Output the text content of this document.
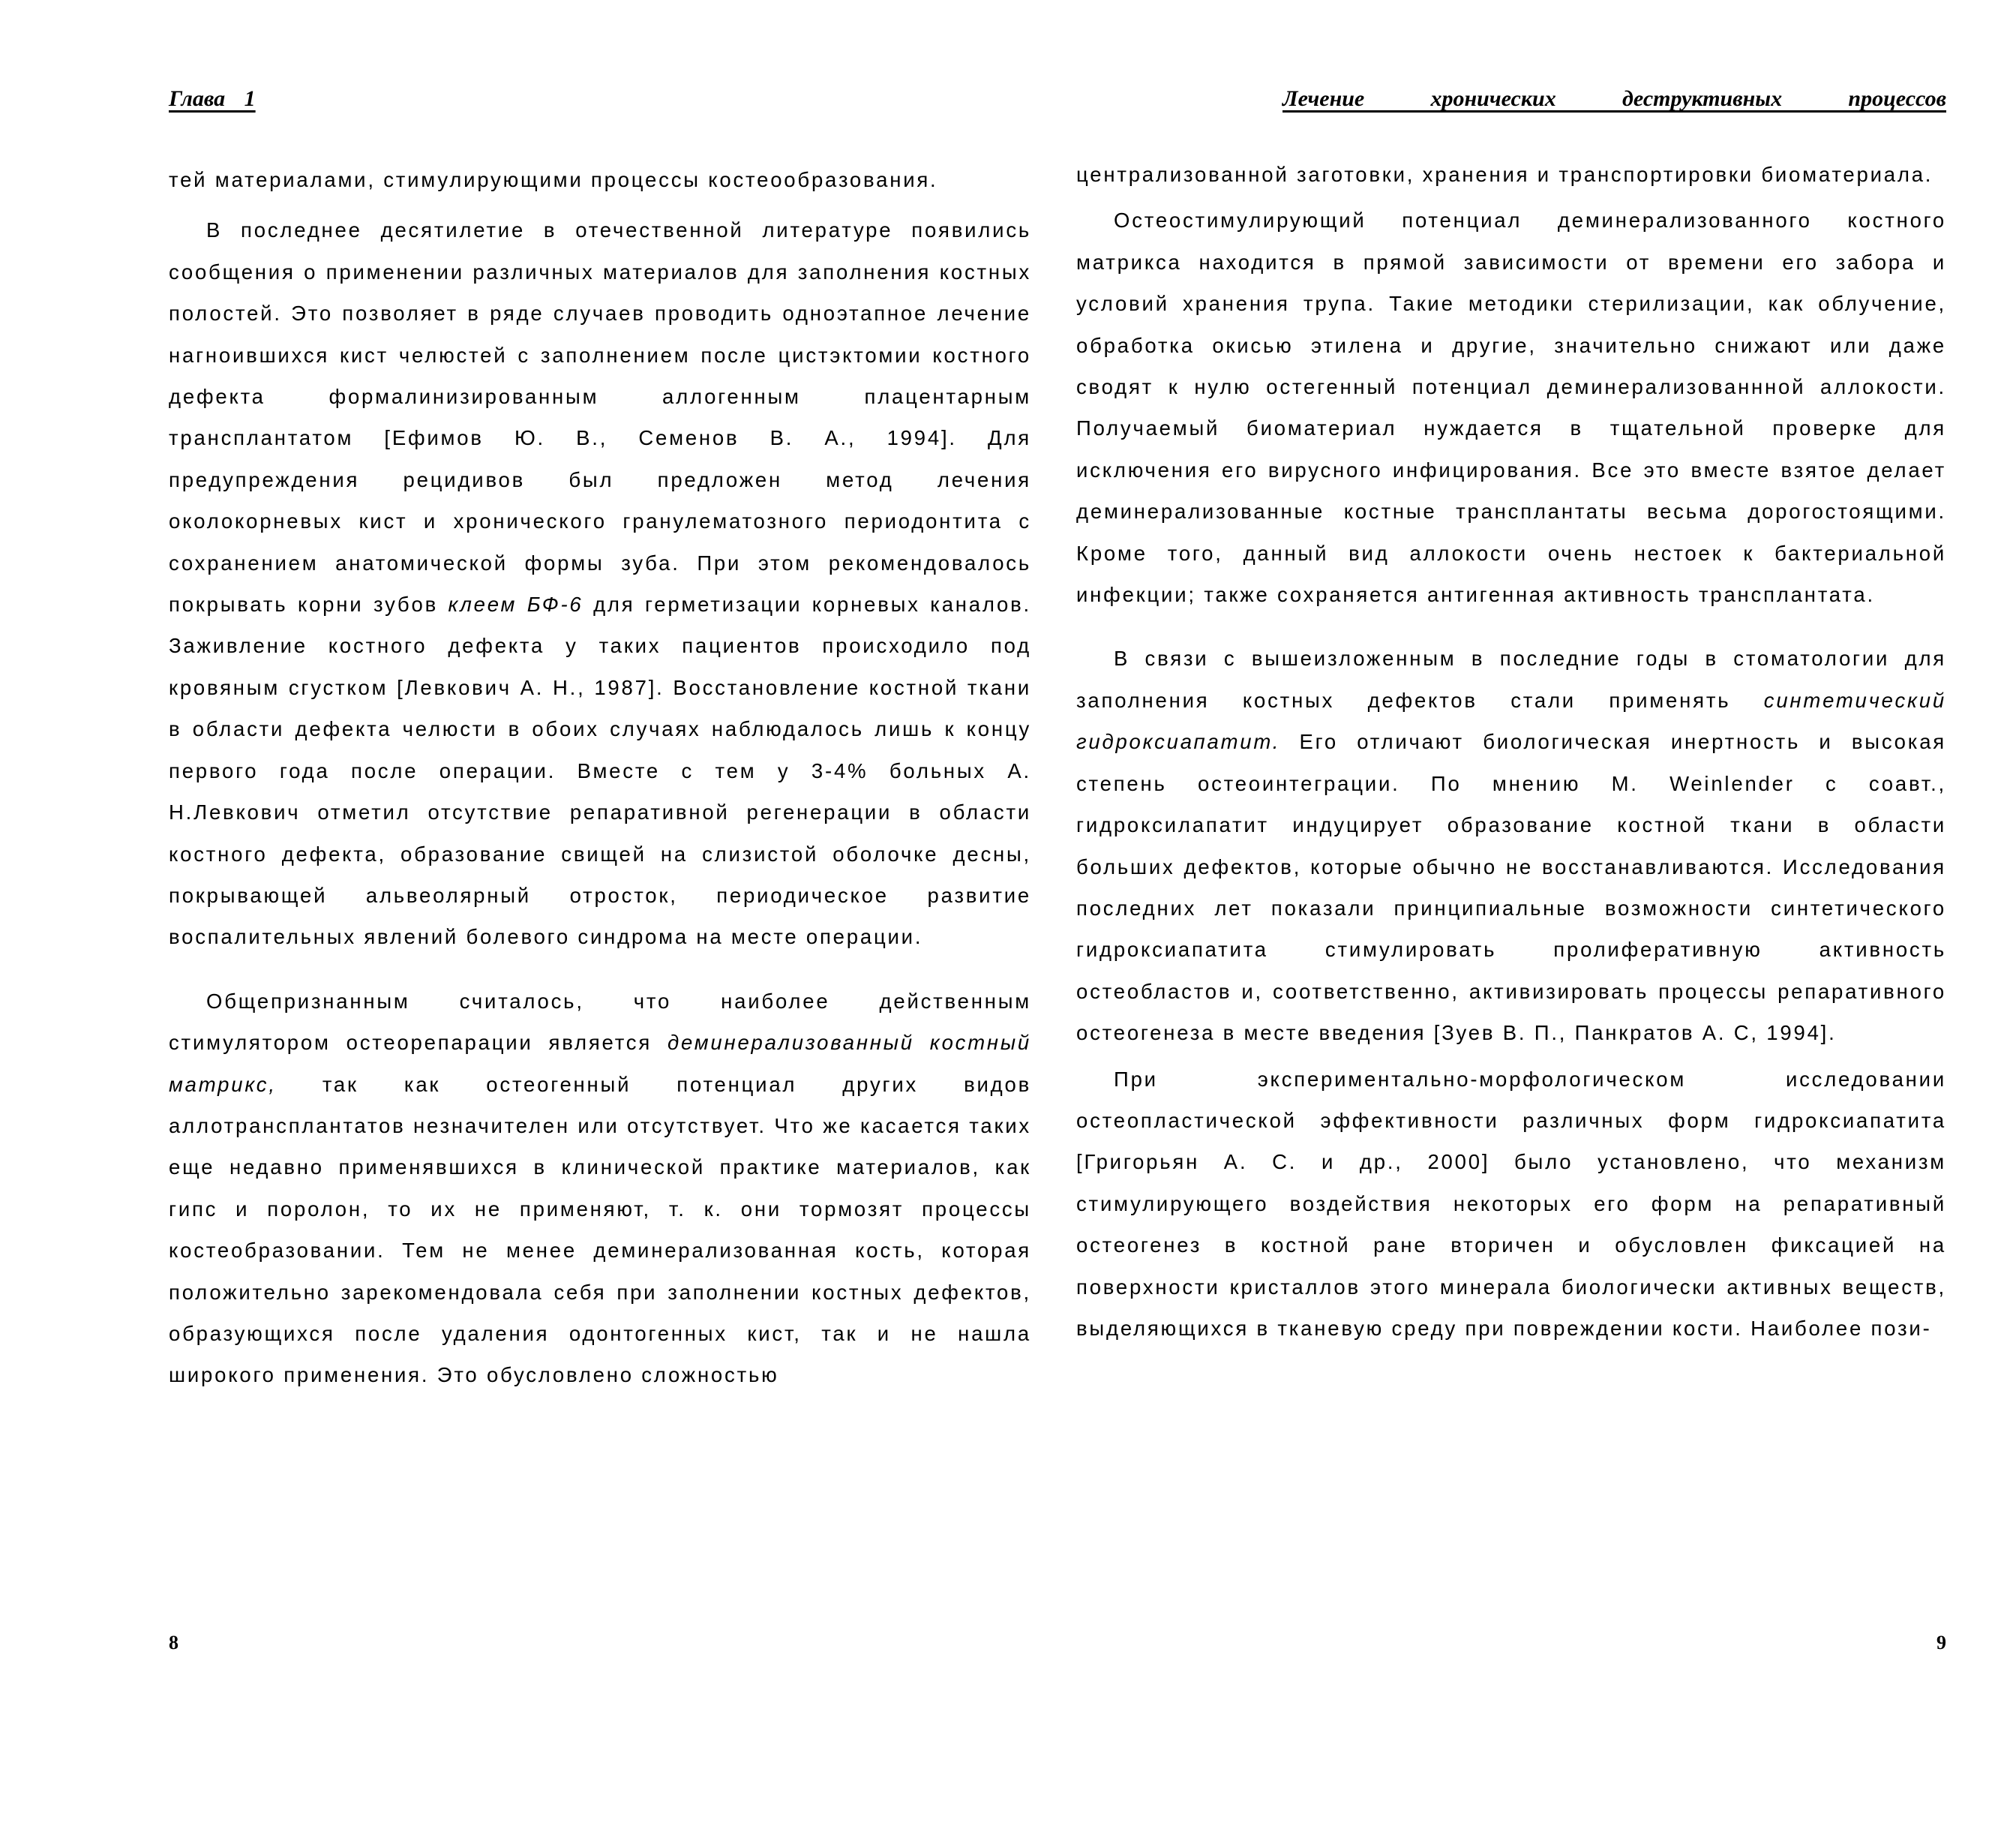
Глава 1

тей материалами, стимулирующими процессы костеообразования.

В последнее десятилетие в отечественной литературе появились сообщения о применении различных материалов для заполнения костных полостей. Это позволяет в ряде случаев проводить одноэтапное лечение нагноившихся кист челюстей с заполнением после цистэктомии костного дефекта формалинизированным аллогенным плацентарным трансплантатом [Ефимов Ю. В., Семенов В. А., 1994]. Для предупреждения рецидивов был предложен метод лечения околокорневых кист и хронического гранулематозного периодонтита с сохранением анатомической формы зуба. При этом рекомендовалось покрывать корни зубов клеем БФ-6 для герметизации корневых каналов. Заживление костного дефекта у таких пациентов происходило под кровяным сгустком [Левкович А. Н., 1987]. Восстановление костной ткани в области дефекта челюсти в обоих случаях наблюдалось лишь к концу первого года после операции. Вместе с тем у 3-4% больных А. Н.Левкович отметил отсутствие репаративной регенерации в области костного дефекта, образование свищей на слизистой оболочке десны, покрывающей альвеолярный отросток, периодическое развитие воспалительных явлений болевого синдрома на месте операции.

Общепризнанным считалось, что наиболее действенным стимулятором остеорепарации является деминерализованный костный матрикс, так как остеогенный потенциал других видов аллотрансплантатов незначителен или отсутствует. Что же касается таких еще недавно применявшихся в клинической практике материалов, как гипс и поролон, то их не применяют, т. к. они тормозят процессы костеобразовании. Тем не менее деминерализованная кость, которая положительно зарекомендовала себя при заполнении костных дефектов, образующихся после удаления одонтогенных кист, так и не нашла широкого применения. Это обусловлено сложностью

8
Лечение хронических деструктивных процессов

централизованной заготовки, хранения и транспортировки биоматериала.

Остеостимулирующий потенциал деминерализованного костного матрикса находится в прямой зависимости от времени его забора и условий хранения трупа. Такие методики стерилизации, как облучение, обработка окисью этилена и другие, значительно снижают или даже сводят к нулю остегенный потенциал деминерализованнной аллокости. Получаемый биоматериал нуждается в тщательной проверке для исключения его вирусного инфицирования. Все это вместе взятое делает деминерализованные костные трансплантаты весьма дорогостоящими. Кроме того, данный вид аллокости очень нестоек к бактериальной инфекции; также сохраняется антигенная активность трансплантата.

В связи с вышеизложенным в последние годы в стоматологии для заполнения костных дефектов стали применять синтетический гидроксиапатит. Его отличают биологическая инертность и высокая степень остеоинтеграции. По мнению M. Weinlender с соавт., гидроксилапатит индуцирует образование костной ткани в области больших дефектов, которые обычно не восстанавливаются. Исследования последних лет показали принципиальные возможности синтетического гидроксиапатита стимулировать пролиферативную активность остеобластов и, соответственно, активизировать процессы репаративного остеогенеза в месте введения [Зуев В. П., Панкратов А. С, 1994].

При экспериментально-морфологическом исследовании остеопластической эффективности различных форм гидроксиапатита [Григорьян А. С. и др., 2000] было установлено, что механизм стимулирующего воздействия некоторых его форм на репаративный остеогенез в костной ране вторичен и обусловлен фиксацией на поверхности кристаллов этого минерала биологически активных веществ, выделяющихся в тканевую среду при повреждении кости. Наиболее пози-

9
